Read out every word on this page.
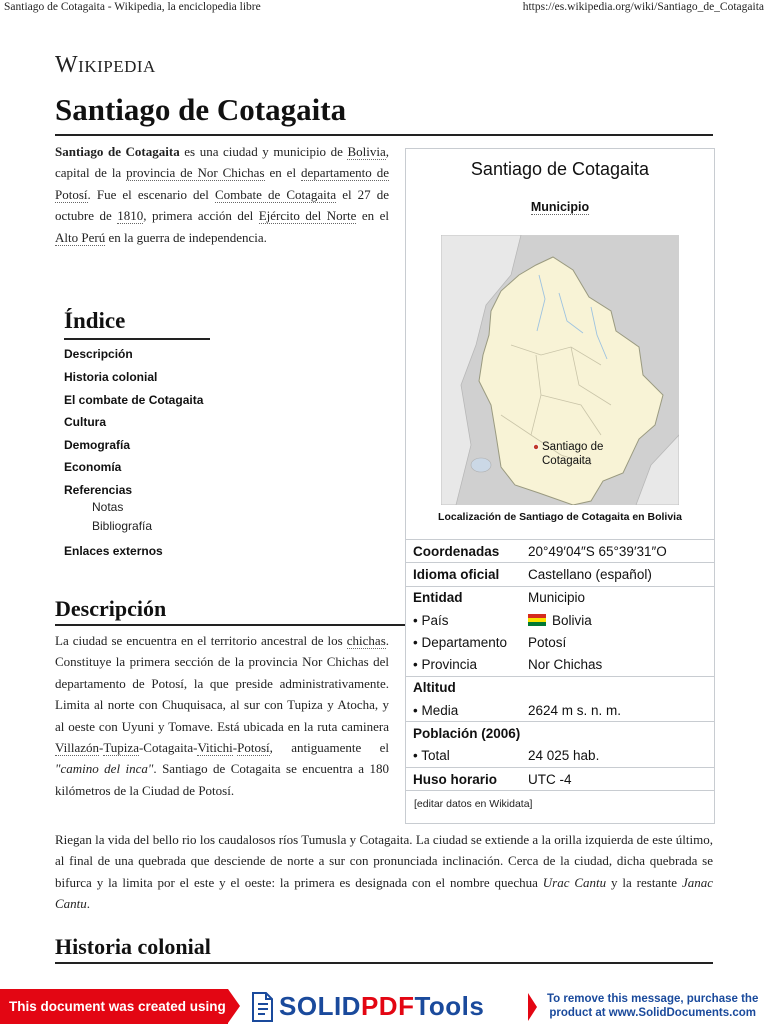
Santiago de Cotagaita - Wikipedia, la enciclopedia libre	https://es.wikipedia.org/wiki/Santiago_de_Cotagaita
Wikipedia
Santiago de Cotagaita
Santiago de Cotagaita es una ciudad y municipio de Bolivia, capital de la provincia de Nor Chichas en el departamento de Potosí. Fue el escenario del Combate de Cotagaita el 27 de octubre de 1810, primera acción del Ejército del Norte en el Alto Perú en la guerra de independencia.
Índice
Descripción
Historia colonial
El combate de Cotagaita
Cultura
Demografía
Economía
Referencias
Notas
Bibliografía
Enlaces externos
Descripción
La ciudad se encuentra en el territorio ancestral de los chichas. Constituye la primera sección de la provincia Nor Chichas del departamento de Potosí, la que preside administrativamente. Limita al norte con Chuquisaca, al sur con Tupiza y Atocha, y al oeste con Uyuni y Tomave. Está ubicada en la ruta caminera Villazón-Tupiza-Cotagaita-Vitichi-Potosí, antiguamente el "camino del inca". Santiago de Cotagaita se encuentra a 180 kilómetros de la Ciudad de Potosí.
Riegan la vida del bello rio los caudalosos ríos Tumusla y Cotagaita. La ciudad se extiende a la orilla izquierda de este último, al final de una quebrada que desciende de norte a sur con pronunciada inclinación. Cerca de la ciudad, dicha quebrada se bifurca y la limita por el este y el oeste: la primera es designada con el nombre quechua Urac Cantu y la restante Janac Cantu.
Historia colonial
Santiago de Cotagaita
Municipio
Santiago de Cotagaita
Localización de Santiago de Cotagaita en Bolivia
Coordenadas	20°49′04″S 65°39′31″O
Idioma oficial	Castellano (español)
Entidad	Municipio
• País	Bolivia
• Departamento	Potosí
• Provincia	Nor Chichas
Altitud	
• Media	2624 m s. n. m.
Población (2006)	
• Total	24 025 hab.
Huso horario	UTC -4

[editar datos en Wikidata]
This document was created using SOLIDPDFTools	To remove this message, purchase the
product at www.SolidDocuments.com
